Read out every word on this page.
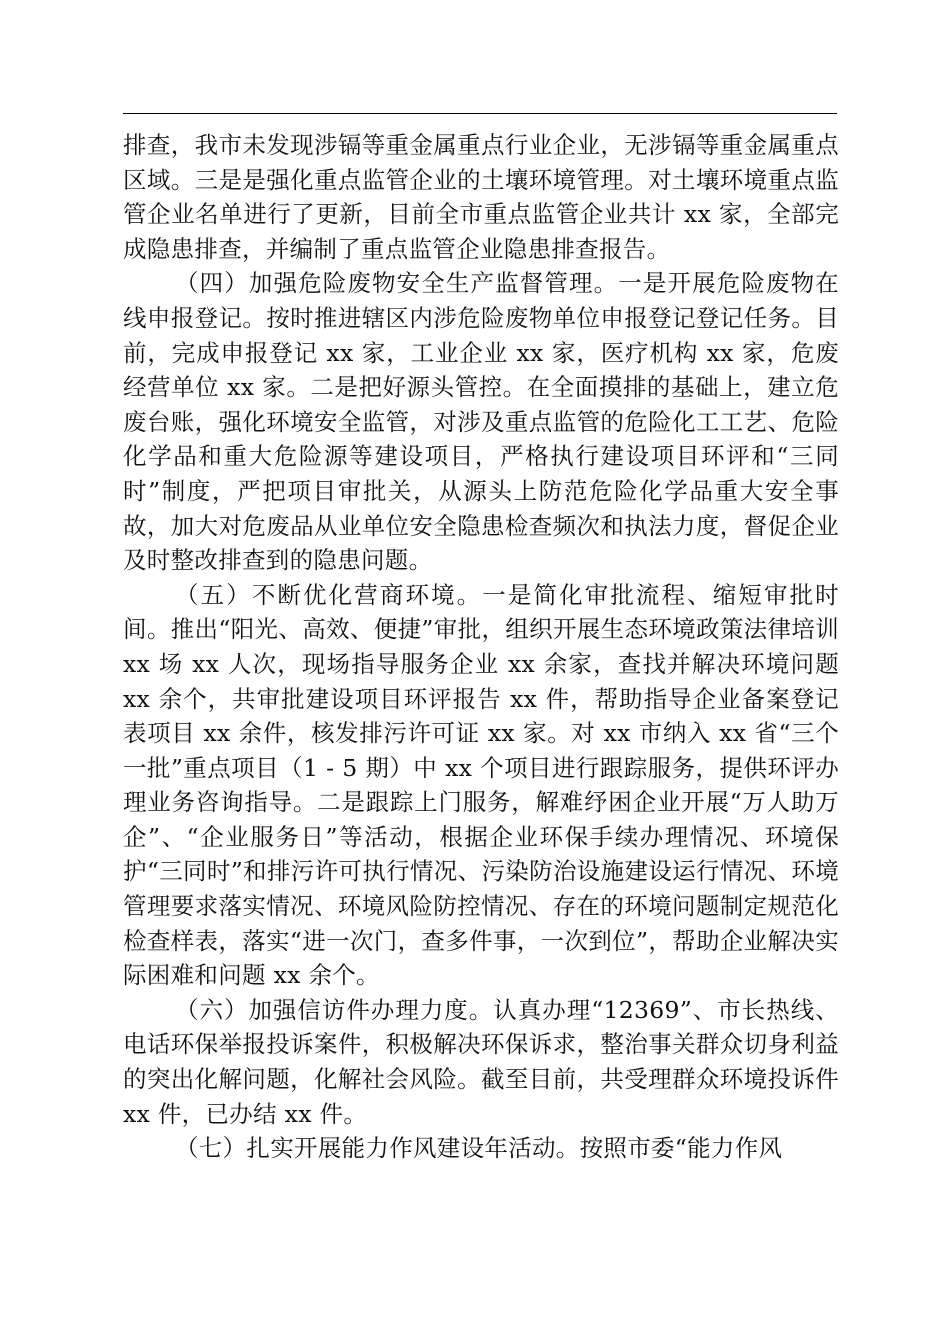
排查，我市未发现涉镉等重金属重点行业企业，无涉镉等重金属重点区域。三是是强化重点监管企业的土壤环境管理。对土壤环境重点监管企业名单进行了更新，目前全市重点监管企业共计 xx 家，全部完成隐患排查，并编制了重点监管企业隐患排查报告。

（四）加强危险废物安全生产监督管理。一是开展危险废物在线申报登记。按时推进辖区内涉危险废物单位申报登记登记任务。目前，完成申报登记 xx 家，工业企业 xx 家，医疗机构 xx 家，危废经营单位 xx 家。二是把好源头管控。在全面摸排的基础上，建立危废台账，强化环境安全监管，对涉及重点监管的危险化工工艺、危险化学品和重大危险源等建设项目，严格执行建设项目环评和“三同时”制度，严把项目审批关，从源头上防范危险化学品重大安全事故，加大对危废品从业单位安全隐患检查频次和执法力度，督促企业及时整改排查到的隐患问题。

（五）不断优化营商环境。一是简化审批流程、缩短审批时间。推出“阳光、高效、便捷”审批，组织开展生态环境政策法律培训 xx 场 xx 人次，现场指导服务企业 xx 余家，查找并解决环境问题 xx 余个，共审批建设项目环评报告 xx 件，帮助指导企业备案登记表项目 xx 余件，核发排污许可证 xx 家。对 xx 市纳入 xx 省“三个一批”重点项目（1 - 5 期）中 xx 个项目进行跟踪服务，提供环评办理业务咨询指导。二是跟踪上门服务，解难纾困企业开展“万人助万企”、“企业服务日”等活动，根据企业环保手续办理情况、环境保护“三同时”和排污许可执行情况、污染防治设施建设运行情况、环境管理要求落实情况、环境风险防控情况、存在的环境问题制定规范化检查样表，落实“进一次门，查多件事，一次到位”，帮助企业解决实际困难和问题 xx 余个。

（六）加强信访件办理力度。认真办理“12369”、市长热线、电话环保举报投诉案件，积极解决环保诉求，整治事关群众切身利益的突出化解问题，化解社会风险。截至目前，共受理群众环境投诉件 xx 件，已办结 xx 件。

（七）扎实开展能力作风建设年活动。按照市委“能力作风
